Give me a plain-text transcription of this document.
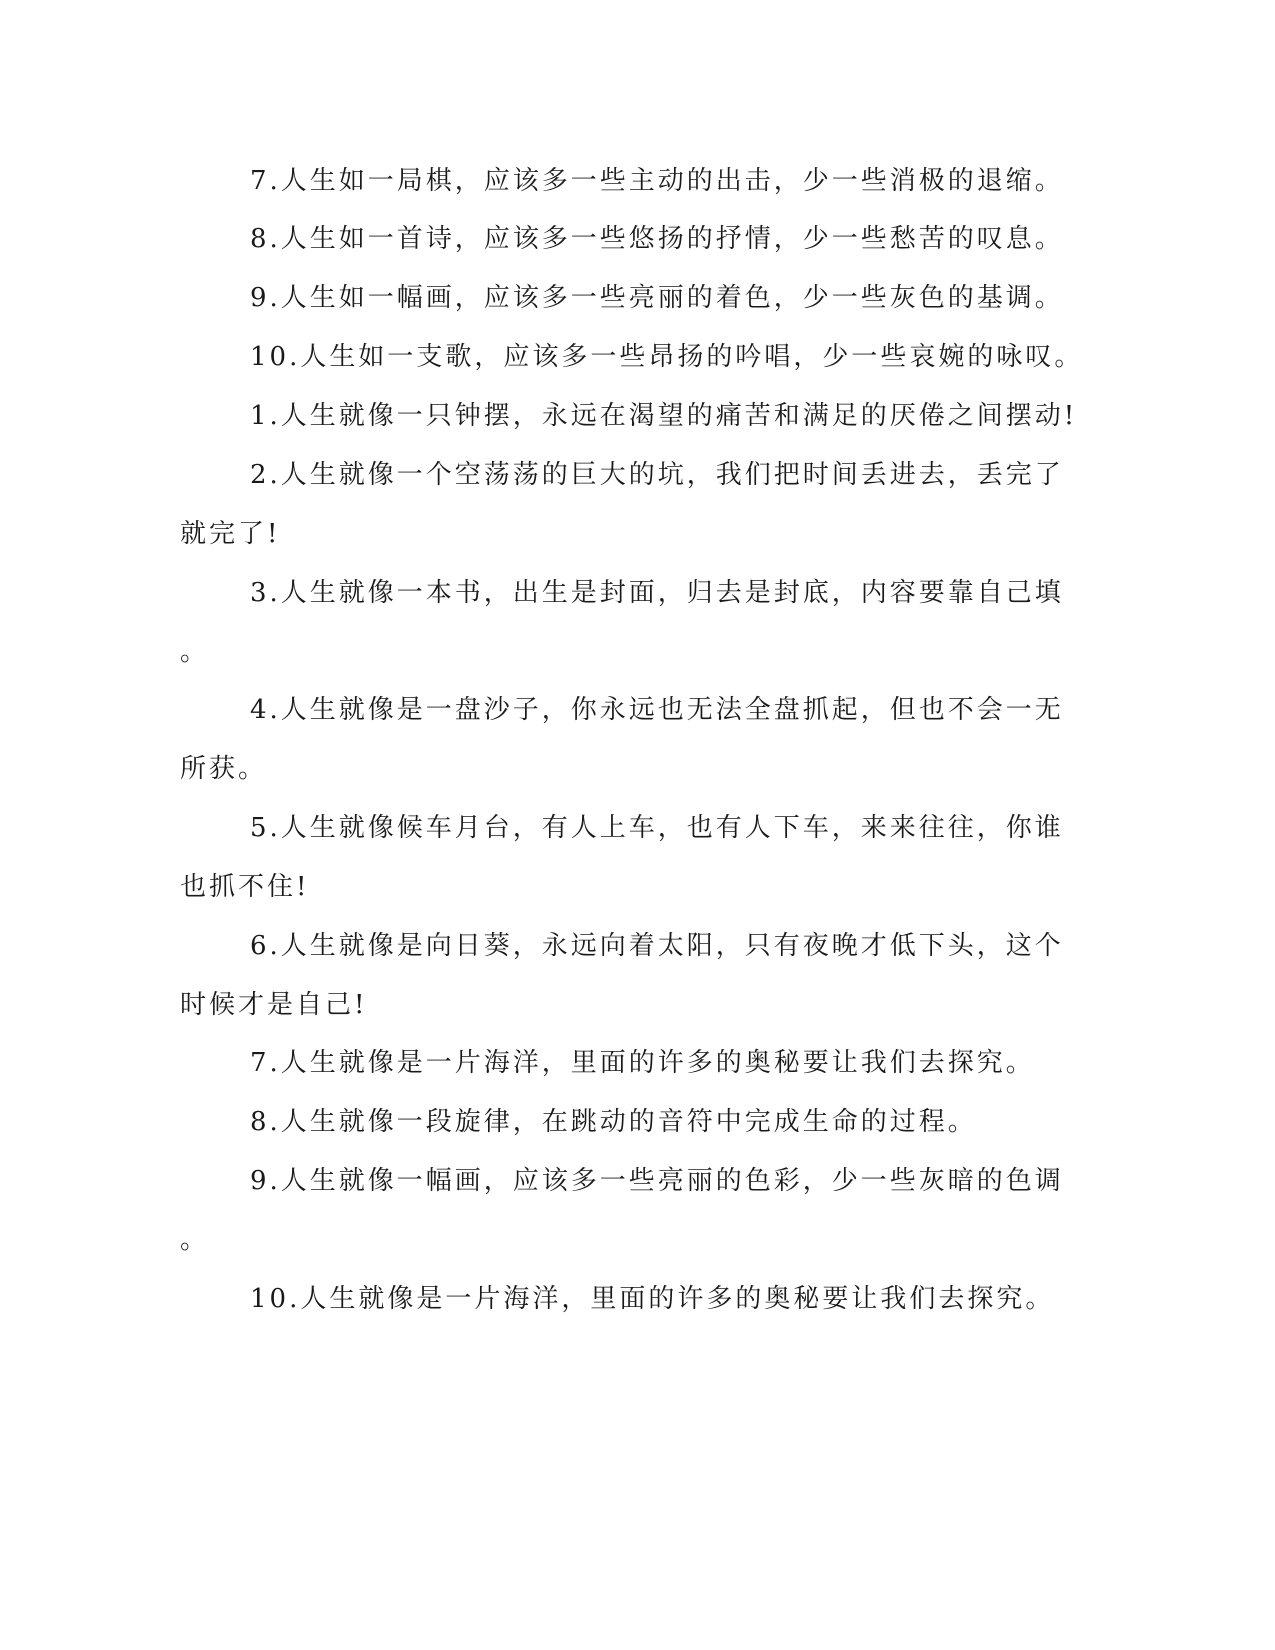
7.人生如一局棋，应该多一些主动的出击，少一些消极的退缩。
8.人生如一首诗，应该多一些悠扬的抒情，少一些愁苦的叹息。
9.人生如一幅画，应该多一些亮丽的着色，少一些灰色的基调。
10.人生如一支歌，应该多一些昂扬的吟唱，少一些哀婉的咏叹。
1.人生就像一只钟摆，永远在渴望的痛苦和满足的厌倦之间摆动!
2.人生就像一个空荡荡的巨大的坑，我们把时间丢进去，丢完了
就完了!
3.人生就像一本书，出生是封面，归去是封底，内容要靠自己填
。
4.人生就像是一盘沙子，你永远也无法全盘抓起，但也不会一无
所获。
5.人生就像候车月台，有人上车，也有人下车，来来往往，你谁
也抓不住!
6.人生就像是向日葵，永远向着太阳，只有夜晚才低下头，这个
时候才是自己!
7.人生就像是一片海洋，里面的许多的奥秘要让我们去探究。
8.人生就像一段旋律，在跳动的音符中完成生命的过程。
9.人生就像一幅画，应该多一些亮丽的色彩，少一些灰暗的色调
。
10.人生就像是一片海洋，里面的许多的奥秘要让我们去探究。
